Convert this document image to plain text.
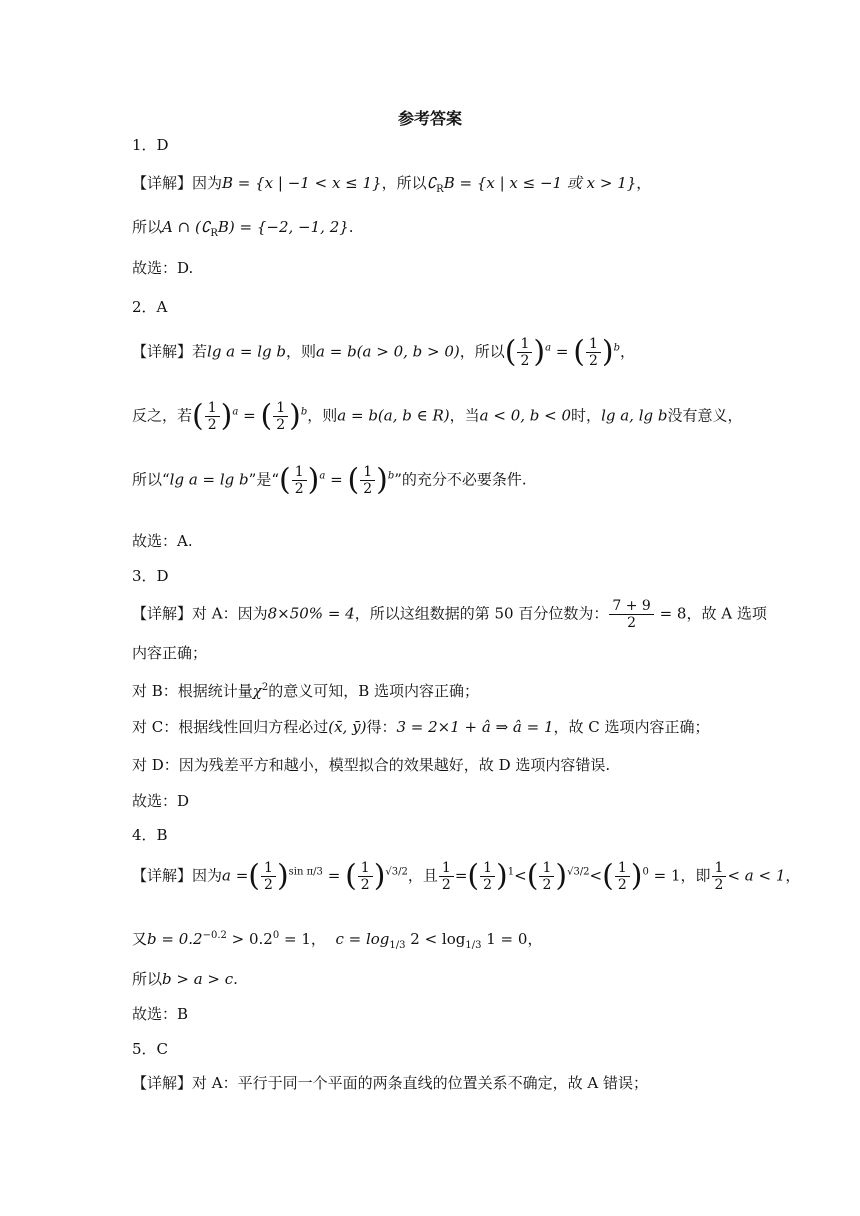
参考答案
1．D
【详解】因为B = {x | −1 < x ≤ 1}，所以$∁_RB = \{x$ | x ≤ −1 或 x > 1}，
所以A ∩ $(∁_RB) = \{-2$, −1, 2}.
故选：D.
2．A
【详解】若lg a = lg b，则a = b(a > 0, b > 0)，所以( $\frac{1}{2} )^a$ = ( $\frac{1}{2} )^b$，
反之，若( $\frac{1}{2} )^a$ = ( $\frac{1}{2} )^b$，则a = b(a, b ∈ R)，当a < 0, b < 0时，lg a, lg b没有意义，
所以“lg a = lg b”是“( $\frac{1}{2} )^a$ = ( $\frac{1}{2} )^b$”的充分不必要条件.
故选：A.
3．D
【详解】对 A：因为8×50% = 4，所以这组数据的第 50 百分位数为： $\frac{7 + 9}{2} = 8$，故 A 选项
内容正确；
对 B：根据统计量$\chi^2$的意义可知，B 选项内容正确；
对 C：根据线性回归方程必过(x̄, ȳ)得：3 = 2×1 + â ⇒ â = 1，故 C 选项内容正确；
对 D：因为残差平方和越小，模型拟合的效果越好，故 D 选项内容错误.
故选：D
4．B
【详解】因为a =( $\frac{1}{2} )^{sin \pi/3}$ = ( $\frac{1}{2} )^{√3/2}$，且 $\frac{1}{2}$ =( $\frac{1}{2} )^1<( \frac{1}{2} )^{√3/2}<( \frac{1}{2} )^0 = 1$，即 $\frac{1}{2} < a < 1$，
又$b = 0.2^{-0.2} > 0.2^0 = 1$， $c = \log_{1/3} 2 < \log_{1/3} 1 = 0$，
所以b > a > c.
故选：B
5．C
【详解】对 A：平行于同一个平面的两条直线的位置关系不确定，故 A 错误；
